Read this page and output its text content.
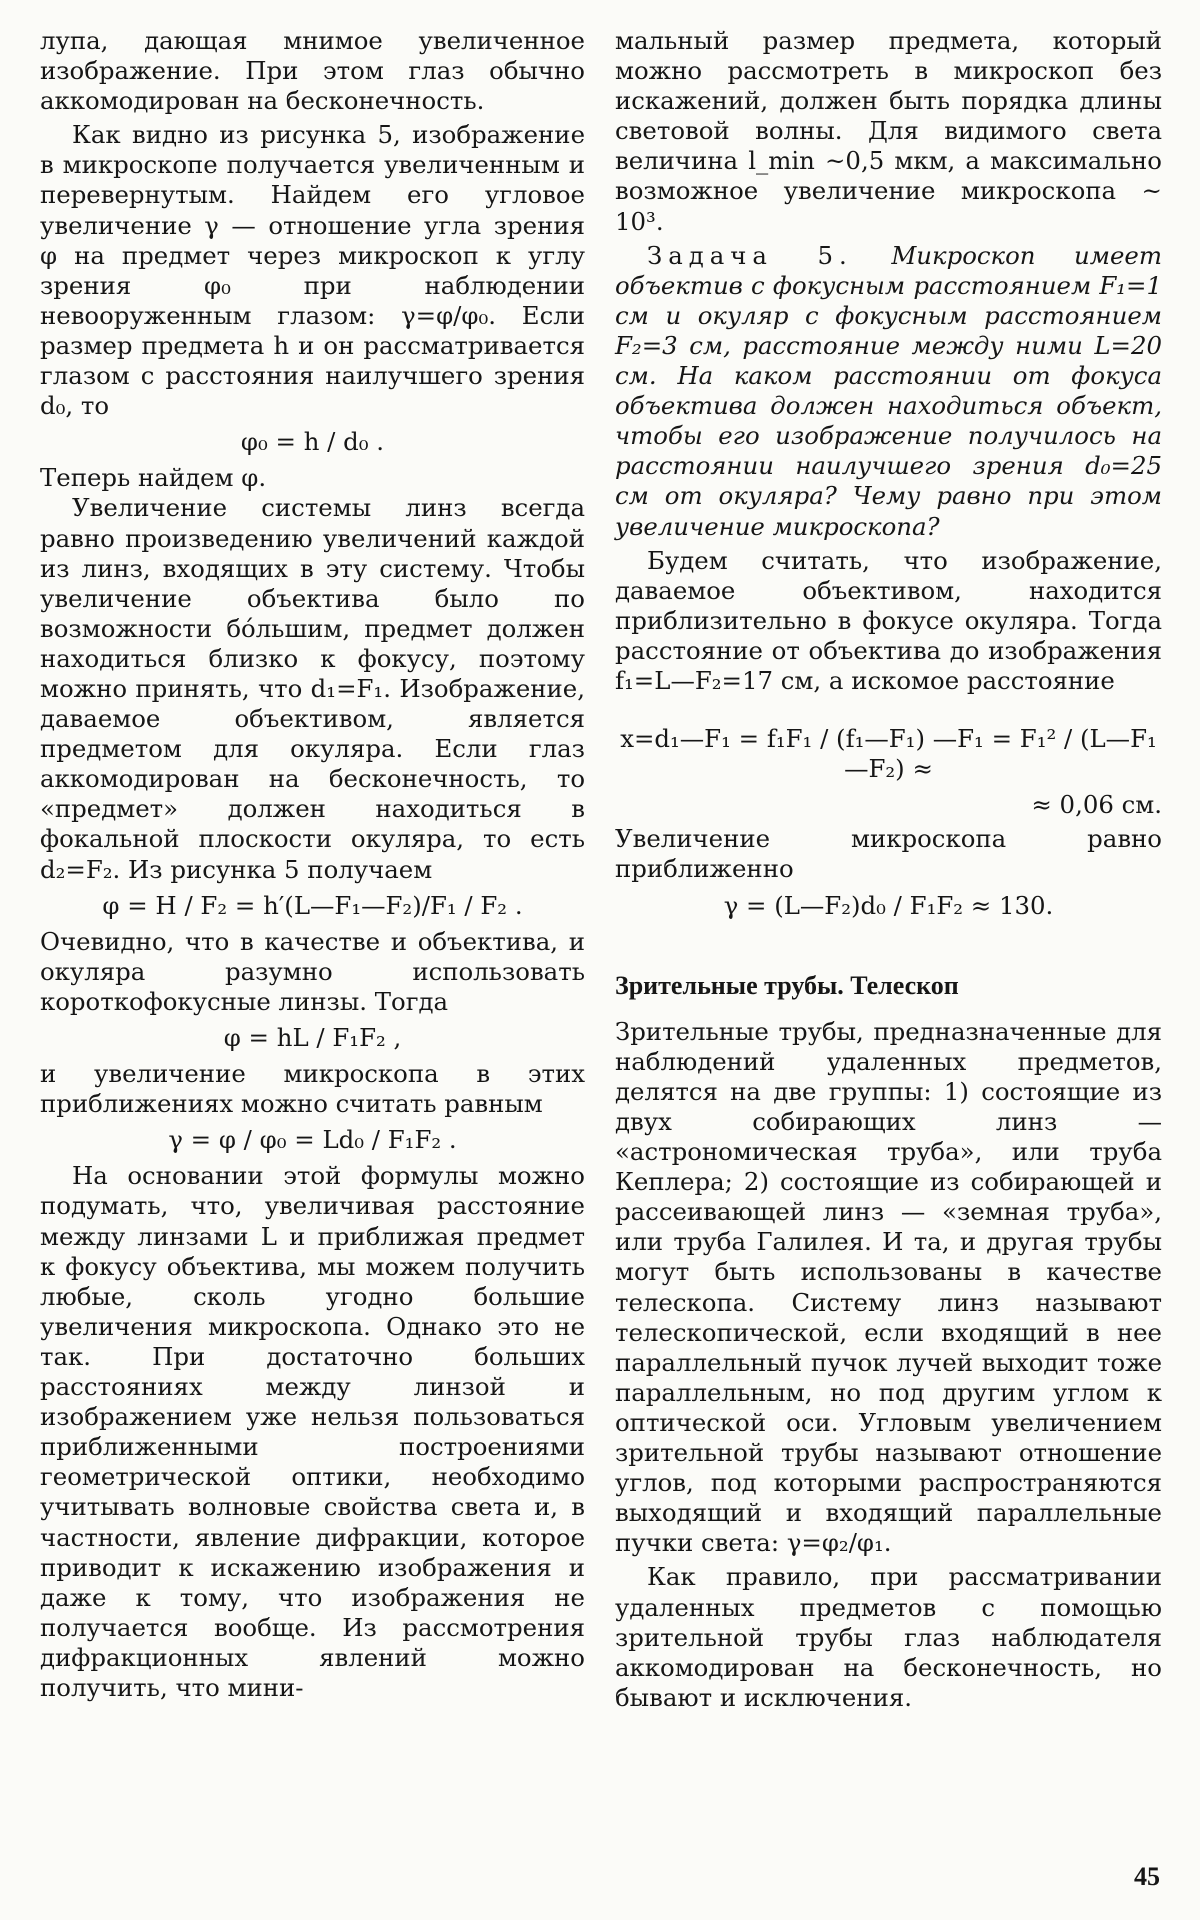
лупа, дающая мнимое увеличенное изображение. При этом глаз обычно аккомодирован на бесконечность.

Как видно из рисунка 5, изображение в микроскопе получается увеличенным и перевернутым. Найдем его угловое увеличение γ — отношение угла зрения φ на предмет через микроскоп к углу зрения φ₀ при наблюдении невооруженным глазом: γ=φ/φ₀. Если размер предмета h и он рассматривается глазом с расстояния наилучшего зрения d₀, то

φ₀ = h / d₀ .

Теперь найдем φ.

Увеличение системы линз всегда равно произведению увеличений каждой из линз, входящих в эту систему. Чтобы увеличение объектива было по возможности бóльшим, предмет должен находиться близко к фокусу, поэтому можно принять, что d₁=F₁. Изображение, даваемое объективом, является предметом для окуляра. Если глаз аккомодирован на бесконечность, то «предмет» должен находиться в фокальной плоскости окуляра, то есть d₂=F₂. Из рисунка 5 получаем

φ = H / F₂ = h′(L—F₁—F₂)/F₁ / F₂ .

Очевидно, что в качестве и объектива, и окуляра разумно использовать короткофокусные линзы. Тогда

φ = hL / F₁F₂ ,

и увеличение микроскопа в этих приближениях можно считать равным

γ = φ / φ₀ = Ld₀ / F₁F₂ .

На основании этой формулы можно подумать, что, увеличивая расстояние между линзами L и приближая предмет к фокусу объектива, мы можем получить любые, сколь угодно большие увеличения микроскопа. Однако это не так. При достаточно больших расстояниях между линзой и изображением уже нельзя пользоваться приближенными построениями геометрической оптики, необходимо учитывать волновые свойства света и, в частности, явление дифракции, которое приводит к искажению изображения и даже к тому, что изображения не получается вообще. Из рассмотрения дифракционных явлений можно получить, что мини-

мальный размер предмета, который можно рассмотреть в микроскоп без искажений, должен быть порядка длины световой волны. Для видимого света величина l_min ~0,5 мкм, а максимально возможное увеличение микроскопа ~ 10³.

Задача 5. Микроскоп имеет объектив с фокусным расстоянием F₁=1 см и окуляр с фокусным расстоянием F₂=3 см, расстояние между ними L=20 см. На каком расстоянии от фокуса объектива должен находиться объект, чтобы его изображение получилось на расстоянии наилучшего зрения d₀=25 см от окуляра? Чему равно при этом увеличение микроскопа?

Будем считать, что изображение, даваемое объективом, находится приблизительно в фокусе окуляра. Тогда расстояние от объектива до изображения f₁=L—F₂=17 см, а искомое расстояние

x=d₁—F₁ = f₁F₁ / (f₁—F₁) —F₁ = F₁² / (L—F₁—F₂) ≈

≈ 0,06 см.

Увеличение микроскопа равно приближенно

γ = (L—F₂)d₀ / F₁F₂ ≈ 130.

Зрительные трубы. Телескоп

Зрительные трубы, предназначенные для наблюдений удаленных предметов, делятся на две группы: 1) состоящие из двух собирающих линз — «астрономическая труба», или труба Кеплера; 2) состоящие из собирающей и рассеивающей линз — «земная труба», или труба Галилея. И та, и другая трубы могут быть использованы в качестве телескопа. Систему линз называют телескопической, если входящий в нее параллельный пучок лучей выходит тоже параллельным, но под другим углом к оптической оси. Угловым увеличением зрительной трубы называют отношение углов, под которыми распространяются выходящий и входящий параллельные пучки света: γ=φ₂/φ₁.

Как правило, при рассматривании удаленных предметов с помощью зрительной трубы глаз наблюдателя аккомодирован на бесконечность, но бывают и исключения.

45
